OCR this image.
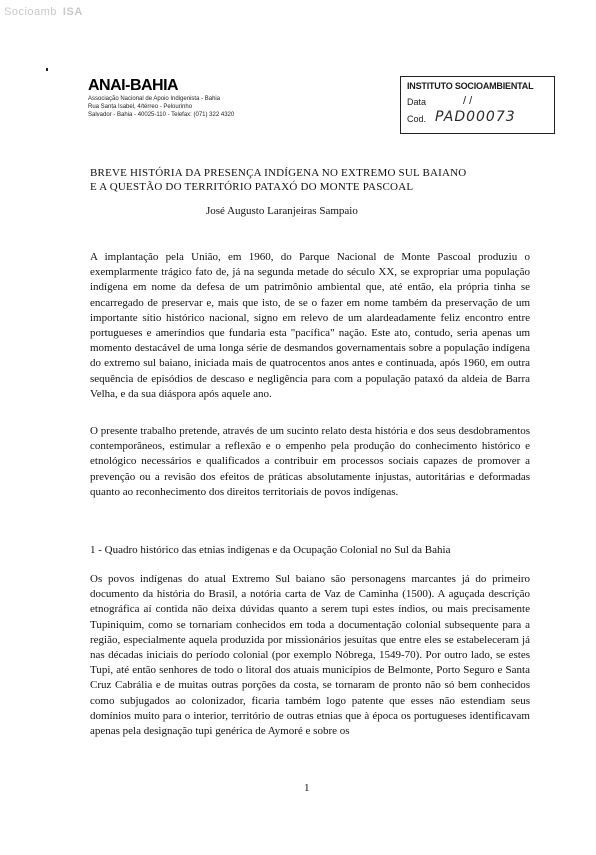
Socioamb ISA
ANAI-BAHIA
Associação Nacional de Apoio Indigenista - Bahia
Rua Santa Isabel, 4/térreo - Pelourinho
Salvador - Bahia - 40025-110 - Telefax: (071) 322 4320
INSTITUTO SOCIOAMBIENTAL
Data	/ /
Cod. PAD00073
BREVE HISTÓRIA DA PRESENÇA INDÍGENA NO EXTREMO SUL BAIANO
E A QUESTÃO DO TERRITÓRIO PATAXÓ DO MONTE PASCOAL
José Augusto Laranjeiras Sampaio

A implantação pela União, em 1960, do Parque Nacional de Monte Pascoal produziu o exemplarmente trágico fato de, já na segunda metade do século XX, se expropriar uma população indígena em nome da defesa de um patrimônio ambiental que, até então, ela própria tinha se encarregado de preservar e, mais que isto, de se o fazer em nome também da preservação de um importante sítio histórico nacional, signo em relevo de um alardeadamente feliz encontro entre portugueses e ameríndios que fundaria esta "pacífica" nação. Este ato, contudo, seria apenas um momento destacável de uma longa série de desmandos governamentais sobre a população indígena do extremo sul baiano, iniciada mais de quatrocentos anos antes e continuada, após 1960, em outra sequência de episódios de descaso e negligência para com a população pataxó da aldeia de Barra Velha, e da sua diáspora após aquele ano.

O presente trabalho pretende, através de um sucinto relato desta história e dos seus desdobramentos contemporâneos, estimular a reflexão e o empenho pela produção do conhecimento histórico e etnológico necessários e qualificados a contribuir em processos sociais capazes de promover a prevenção ou a revisão dos efeitos de práticas absolutamente injustas, autoritárias e deformadas quanto ao reconhecimento dos direitos territoriais de povos indígenas.

1 - Quadro histórico das etnias indígenas e da Ocupação Colonial no Sul da Bahia

Os povos indígenas do atual Extremo Sul baiano são personagens marcantes já do primeiro documento da história do Brasil, a notória carta de Vaz de Caminha (1500). A aguçada descrição etnográfica aí contida não deixa dúvidas quanto a serem tupi estes índios, ou mais precisamente Tupiniquim, como se tornariam conhecidos em toda a documentação colonial subsequente para a região, especialmente aquela produzida por missionários jesuítas que entre eles se estabeleceram já nas décadas iniciais do período colonial (por exemplo Nóbrega, 1549-70). Por outro lado, se estes Tupi, até então senhores de todo o litoral dos atuais municípios de Belmonte, Porto Seguro e Santa Cruz Cabrália e de muitas outras porções da costa, se tornaram de pronto não só bem conhecidos como subjugados ao colonizador, ficaria também logo patente que esses não estendiam seus domínios muito para o interior, território de outras etnias que à época os portugueses identificavam apenas pela designação tupi genérica de Aymoré e sobre os

1
